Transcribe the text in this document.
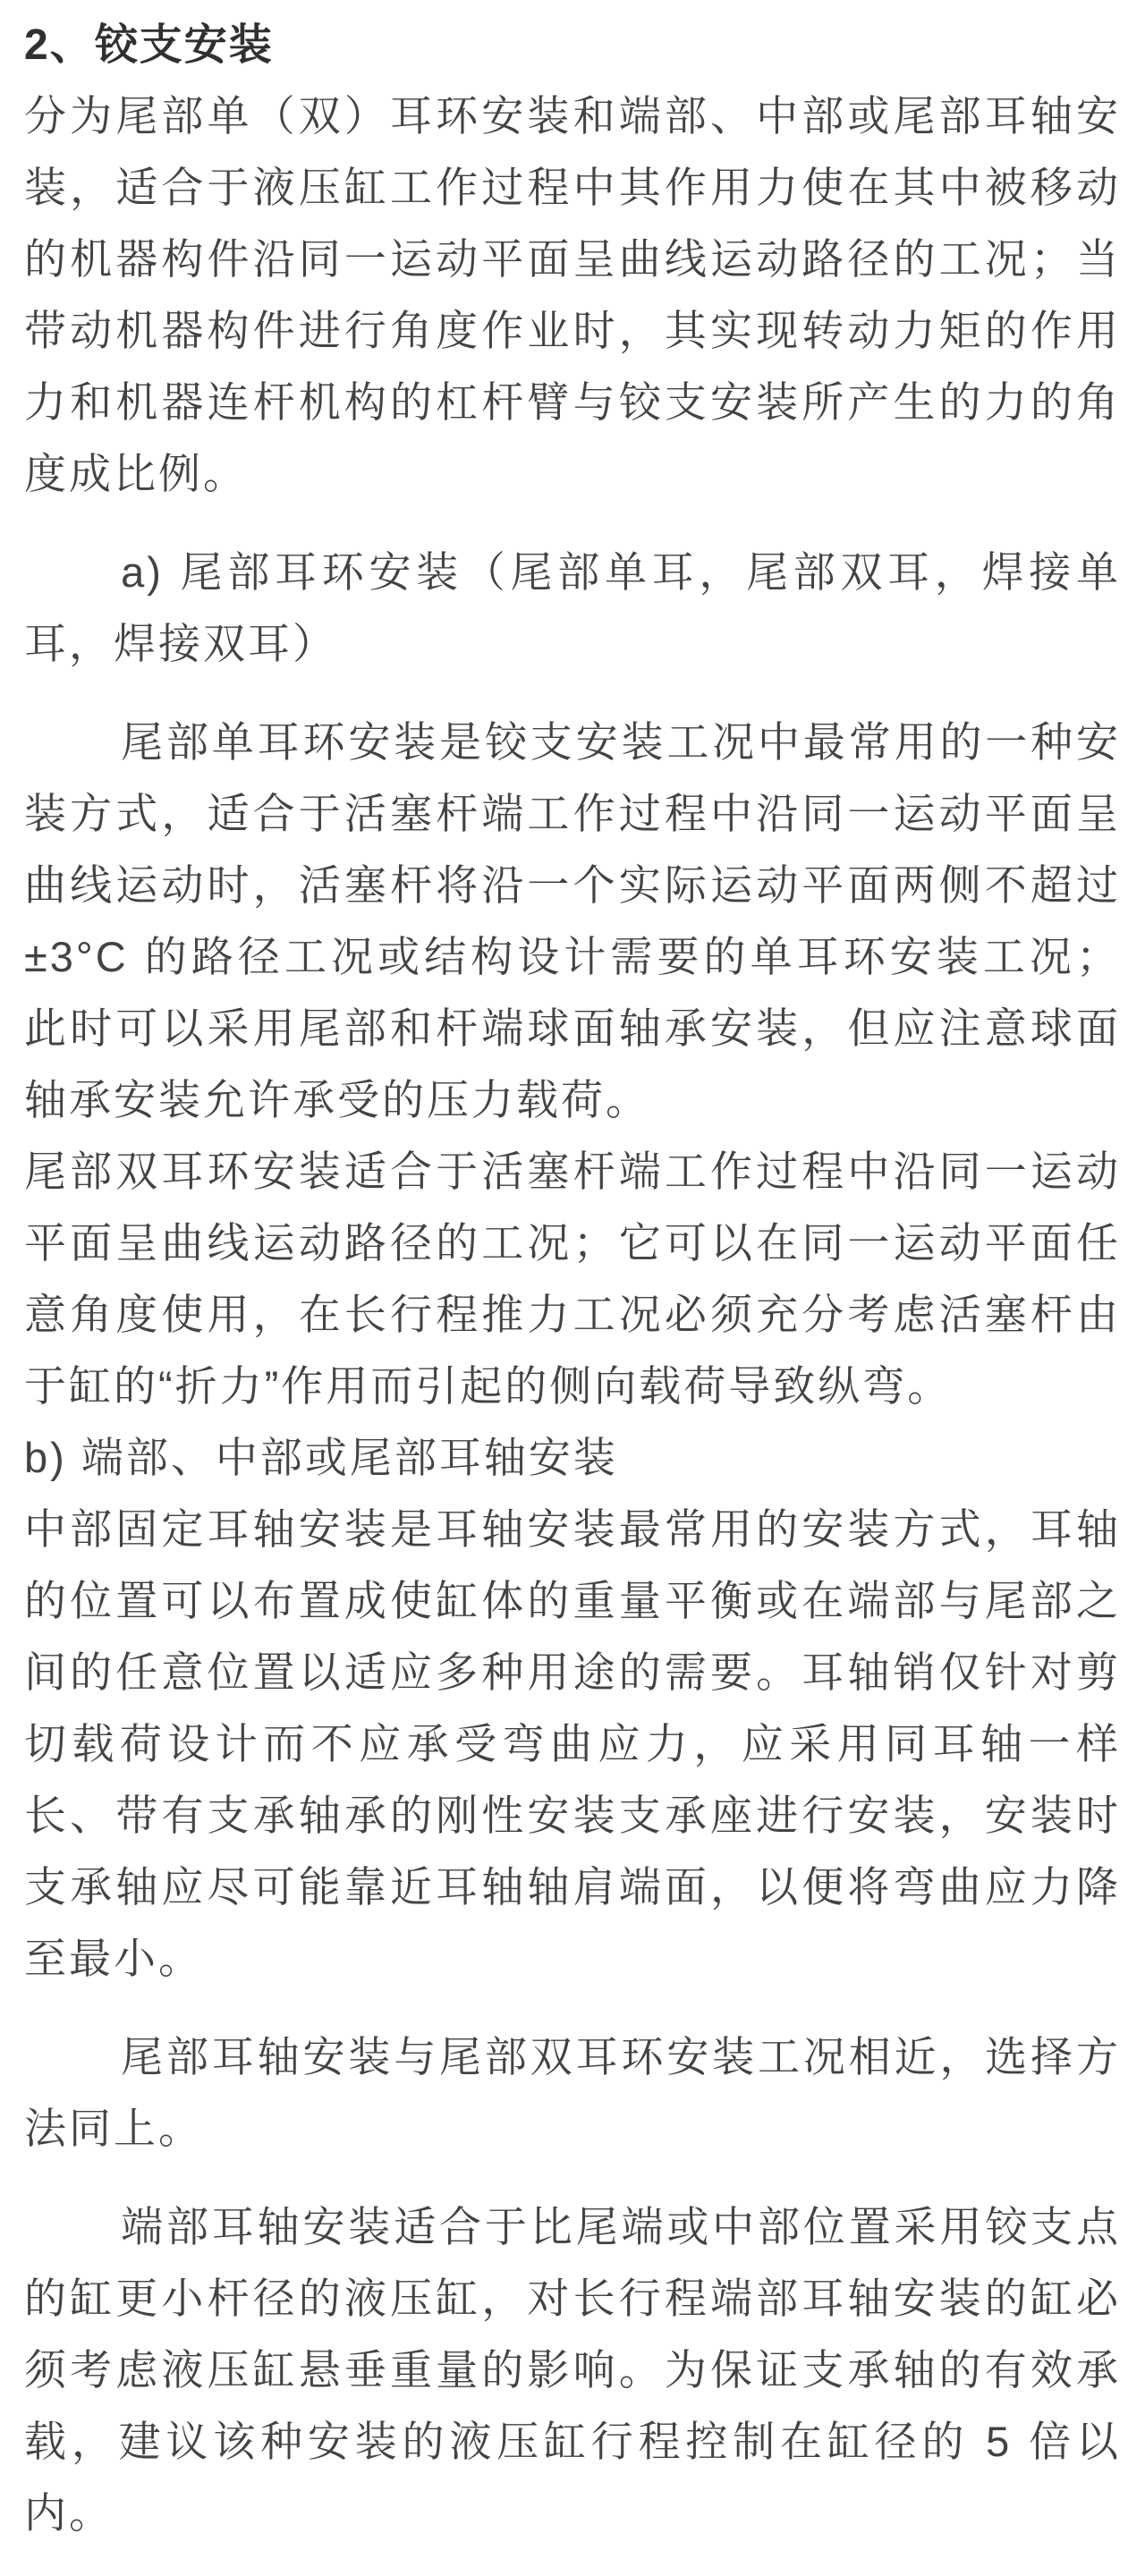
2、铰支安装

分为尾部单（双）耳环安装和端部、中部或尾部耳轴安装，适合于液压缸工作过程中其作用力使在其中被移动的机器构件沿同一运动平面呈曲线运动路径的工况；当带动机器构件进行角度作业时，其实现转动力矩的作用力和机器连杆机构的杠杆臂与铰支安装所产生的力的角度成比例。

a) 尾部耳环安装（尾部单耳，尾部双耳，焊接单耳，焊接双耳）

尾部单耳环安装是铰支安装工况中最常用的一种安装方式，适合于活塞杆端工作过程中沿同一运动平面呈曲线运动时，活塞杆将沿一个实际运动平面两侧不超过 ±3°C 的路径工况或结构设计需要的单耳环安装工况；此时可以采用尾部和杆端球面轴承安装，但应注意球面轴承安装允许承受的压力载荷。

尾部双耳环安装适合于活塞杆端工作过程中沿同一运动平面呈曲线运动路径的工况；它可以在同一运动平面任意角度使用，在长行程推力工况必须充分考虑活塞杆由于缸的“折力”作用而引起的侧向载荷导致纵弯。

b) 端部、中部或尾部耳轴安装

中部固定耳轴安装是耳轴安装最常用的安装方式，耳轴的位置可以布置成使缸体的重量平衡或在端部与尾部之间的任意位置以适应多种用途的需要。耳轴销仅针对剪切载荷设计而不应承受弯曲应力，应采用同耳轴一样长、带有支承轴承的刚性安装支承座进行安装，安装时支承轴应尽可能靠近耳轴轴肩端面，以便将弯曲应力降至最小。

尾部耳轴安装与尾部双耳环安装工况相近，选择方法同上。

端部耳轴安装适合于比尾端或中部位置采用铰支点的缸更小杆径的液压缸，对长行程端部耳轴安装的缸必须考虑液压缸悬垂重量的影响。为保证支承轴的有效承载，建议该种安装的液压缸行程控制在缸径的 5 倍以内。
